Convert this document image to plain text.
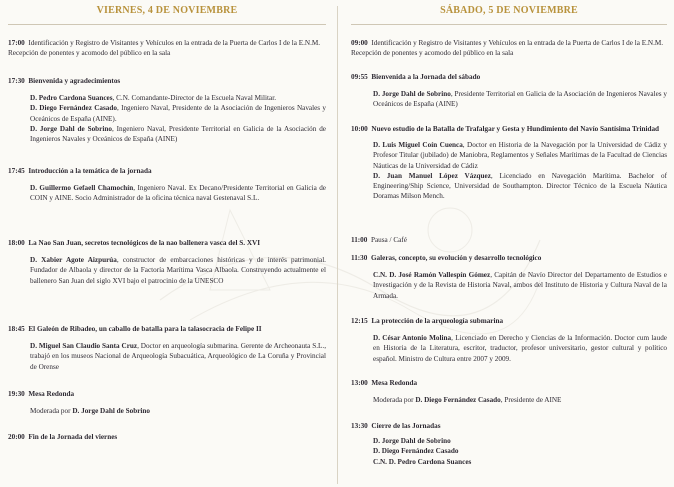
VIERNES, 4 DE NOVIEMBRE
17:00 Identificación y Registro de Visitantes y Vehículos en la entrada de la Puerta de Carlos I de la E.N.M. Recepción de ponentes y acomodo del público en la sala
17:30 Bienvenida y agradecimientos
D. Pedro Cardona Suances, C.N. Comandante-Director de la Escuela Naval Militar.
D. Diego Fernández Casado, Ingeniero Naval, Presidente de la Asociación de Ingenieros Navales y Oceánicos de España (AINE).
D. Jorge Dahl de Sobrino, Ingeniero Naval, Presidente Territorial en Galicia de la Asociación de Ingenieros Navales y Oceánicos de España (AINE)
17:45 Introducción a la temática de la jornada
D. Guillermo Gefaell Chamochín, Ingeniero Naval. Ex Decano/Presidente Territorial en Galicia de COIN y AINE. Socio Administrador de la oficina técnica naval Gestenaval S.L.
18:00 La Nao San Juan, secretos tecnológicos de la nao ballenera vasca del S. XVI
D. Xabier Agote Aizpurúa, constructor de embarcaciones históricas y de interés patrimonial. Fundador de Albaola y director de la Factoría Marítima Vasca Albaola. Construyendo actualmente el ballenero San Juan del siglo XVI bajo el patrocinio de la UNESCO
18:45 El Galeón de Ribadeo, un caballo de batalla para la talasocracia de Felipe II
D. Miguel San Claudio Santa Cruz, Doctor en arqueología submarina. Gerente de Archeonauta S.L., trabajó en los museos Nacional de Arqueología Subacuática, Arqueológico de La Coruña y Provincial de Orense
19:30 Mesa Redonda
Moderada por D. Jorge Dahl de Sobrino
20:00 Fin de la Jornada del viernes
SÁBADO, 5 DE NOVIEMBRE
09:00 Identificación y Registro de Visitantes y Vehículos en la entrada de la Puerta de Carlos I de la E.N.M. Recepción de ponentes y acomodo del público en la sala
09:55 Bienvenida a la Jornada del sábado
D. Jorge Dahl de Sobrino, Presidente Territorial en Galicia de la Asociación de Ingenieros Navales y Oceánicos de España (AINE)
10:00 Nuevo estudio de la Batalla de Trafalgar y Gesta y Hundimiento del Navío Santísima Trinidad
D. Luis Miguel Coín Cuenca, Doctor en Historia de la Navegación por la Universidad de Cádiz y Profesor Titular (jubilado) de Maniobra, Reglamentos y Señales Marítimas de la Facultad de Ciencias Náuticas de la Universidad de Cádiz
D. Juan Manuel López Vázquez, Licenciado en Navegación Marítima. Bachelor of Engineering/Ship Science, Universidad de Southampton. Director Técnico de la Escuela Náutica Doramas Milson Mench.
11:00 Pausa / Café
11:30 Galeras, concepto, su evolución y desarrollo tecnológico
C.N. D. José Ramón Vallespín Gómez, Capitán de Navío Director del Departamento de Estudios e Investigación y de la Revista de Historia Naval, ambos del Instituto de Historia y Cultura Naval de la Armada.
12:15 La protección de la arqueología submarina
D. César Antonio Molina, Licenciado en Derecho y Ciencias de la Información. Doctor cum laude en Historia de la Literatura, escritor, traductor, profesor universitario, gestor cultural y político español. Ministro de Cultura entre 2007 y 2009.
13:00 Mesa Redonda
Moderada por D. Diego Fernández Casado, Presidente de AINE
13:30 Cierre de las Jornadas
D. Jorge Dahl de Sobrino
D. Diego Fernández Casado
C.N. D. Pedro Cardona Suances
